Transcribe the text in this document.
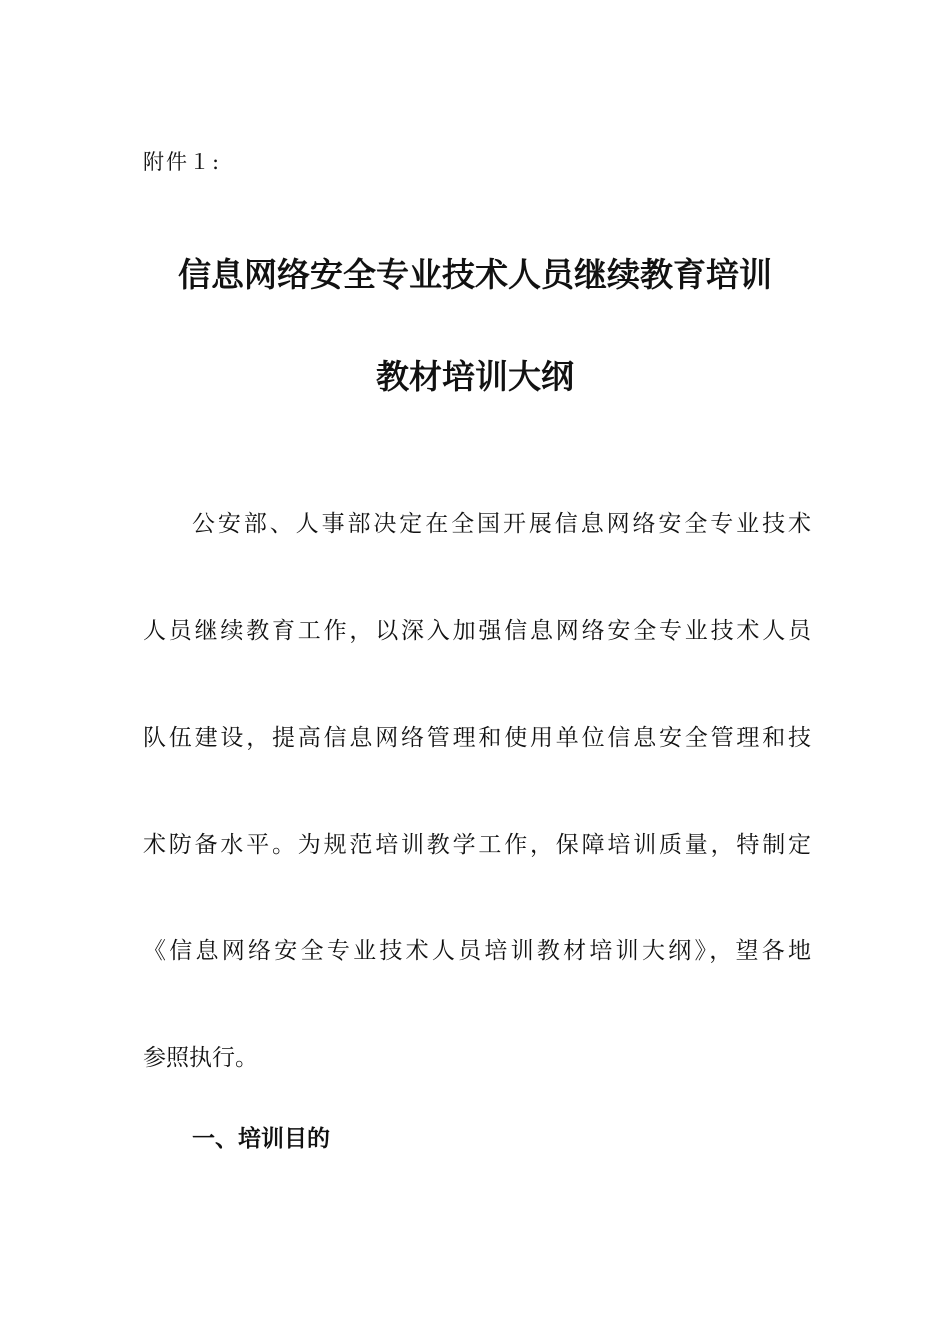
附件１:
信息网络安全专业技术人员继续教育培训
教材培训大纲
公安部、人事部决定在全国开展信息网络安全专业技术
人员继续教育工作，以深入加强信息网络安全专业技术人员
队伍建设，提高信息网络管理和使用单位信息安全管理和技
术防备水平。为规范培训教学工作，保障培训质量，特制定
《信息网络安全专业技术人员培训教材培训大纲》，望各地
参照执行。
一、培训目的
